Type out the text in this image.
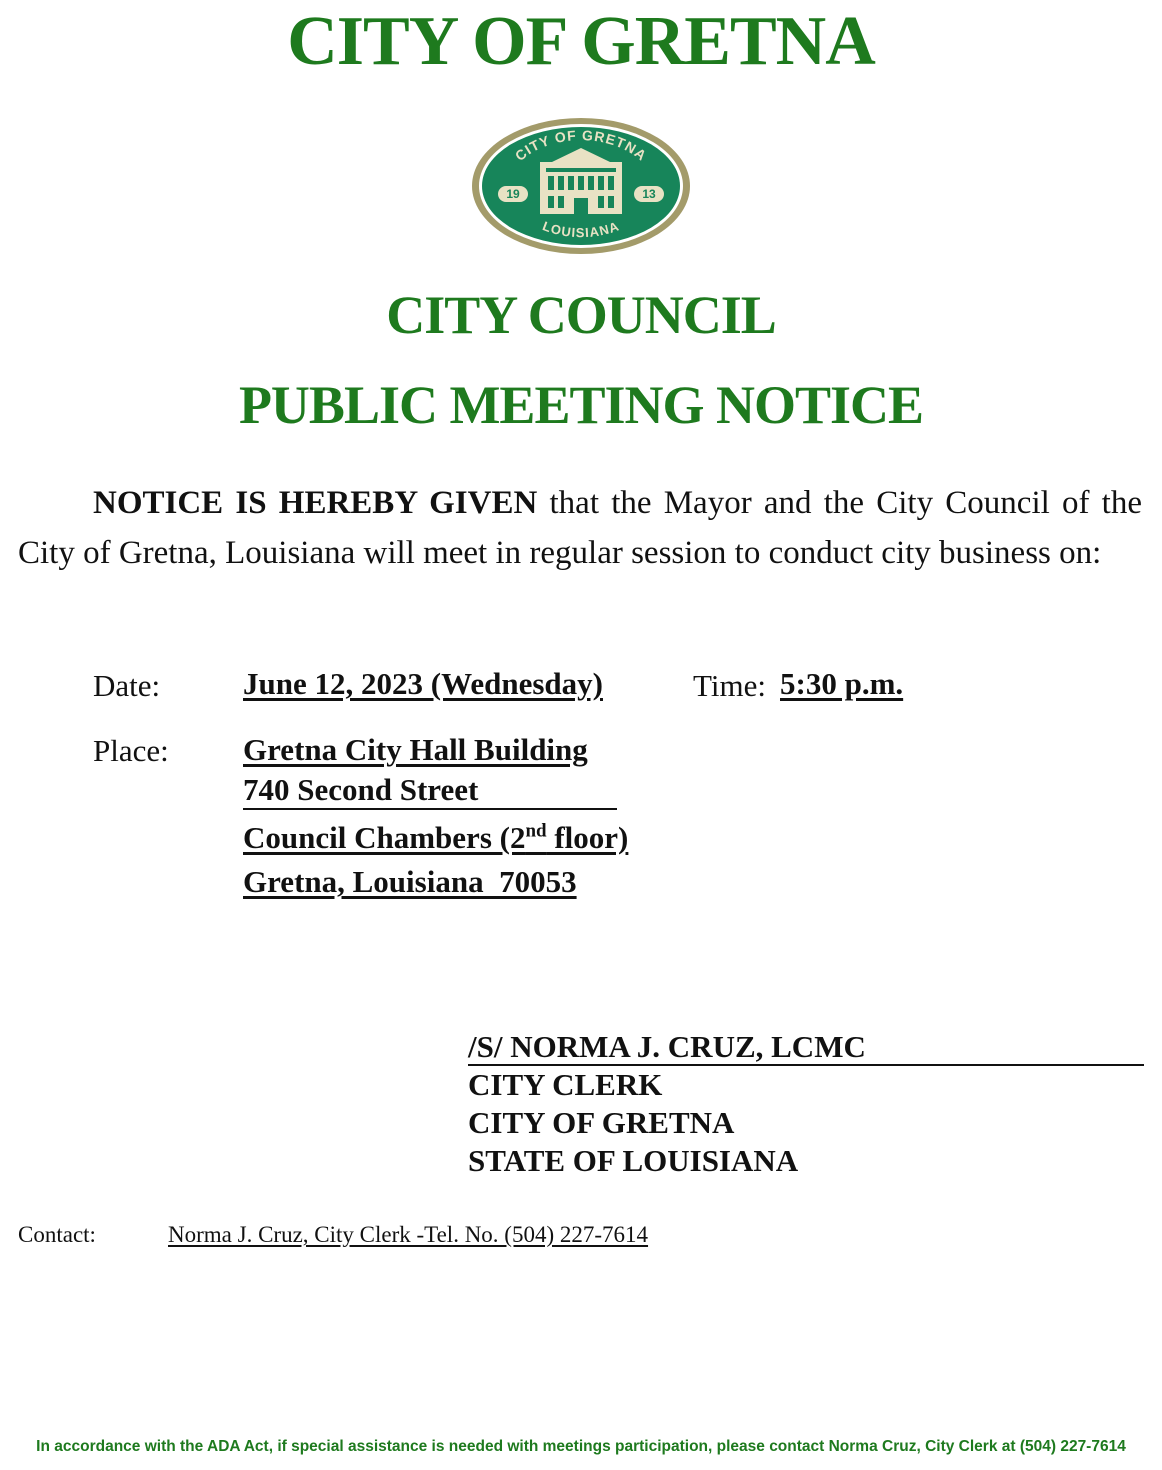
CITY OF GRETNA
CITY OF GRETNA
LOUISIANA
19	13
CITY COUNCIL
PUBLIC MEETING NOTICE
NOTICE IS HEREBY GIVEN that the Mayor and the City Council of the City of Gretna, Louisiana will meet in regular session to conduct city business on:
Date:	June 12, 2023 (Wednesday)	Time: 5:30 p.m.
Place: Gretna City Hall Building
740 Second Street
Council Chambers (2nd floor)
Gretna, Louisiana  70053
/S/ NORMA J. CRUZ, LCMC
CITY CLERK
CITY OF GRETNA
STATE OF LOUISIANA
Contact:	Norma J. Cruz, City Clerk -Tel. No. (504) 227-7614
In accordance with the ADA Act, if special assistance is needed with meetings participation, please contact Norma Cruz, City Clerk at (504) 227-7614
